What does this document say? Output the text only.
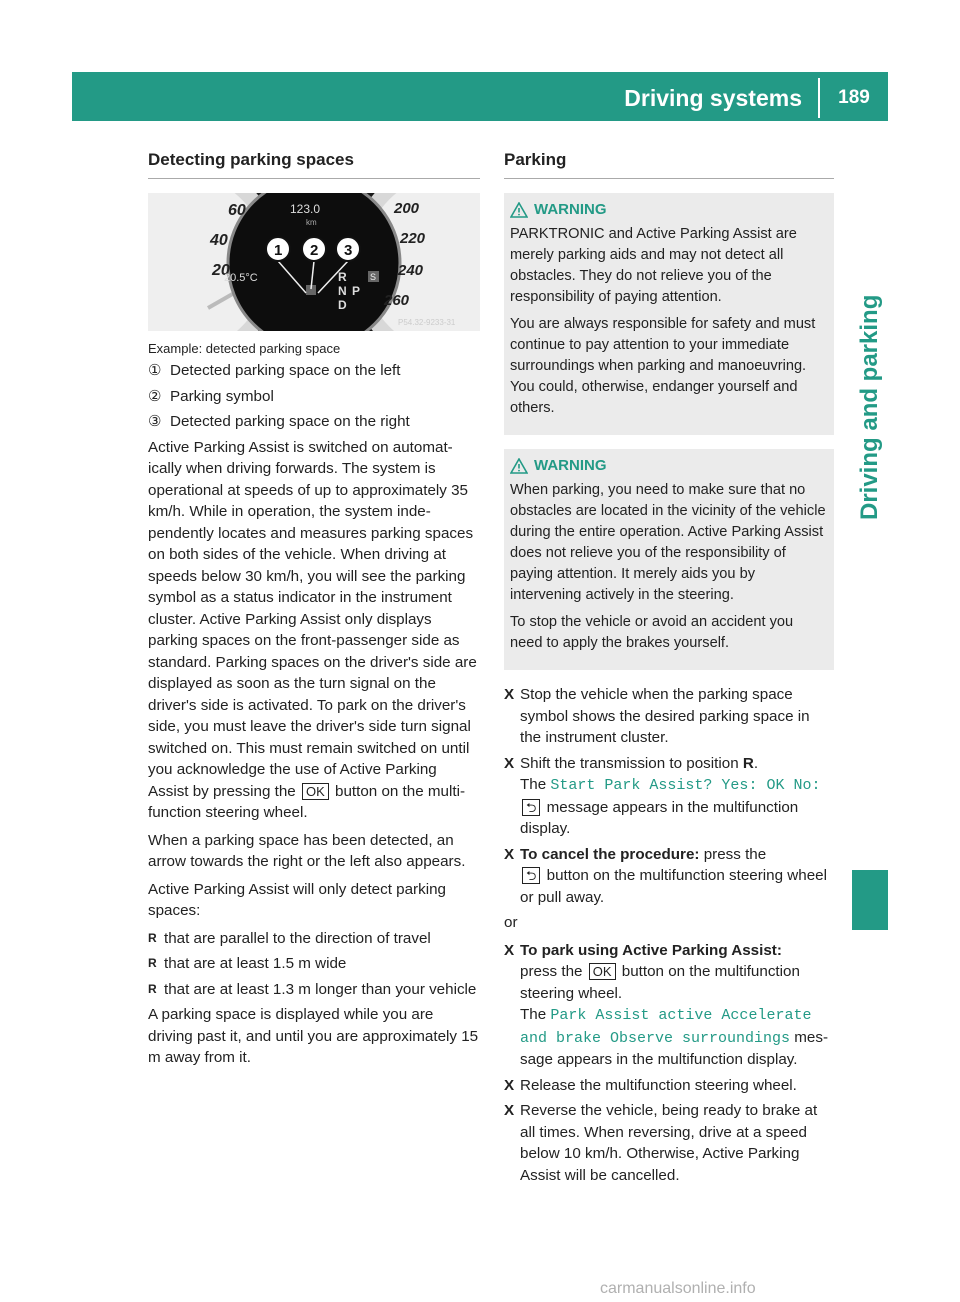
Driving systems	189
Driving and parking
Detecting parking spaces
60
40
20
200
220
240
260
123.0
km
20.5°C	R
N P
D
S
1 2 3
P54.32-9233-31
Example: detected parking space
① Detected parking space on the left
② Parking symbol
③ Detected parking space on the right

Active Parking Assist is switched on automatically when driving forwards. The system is operational at speeds of up to approximately 35 km/h. While in operation, the system independently locates and measures parking spaces on both sides of the vehicle. When driving at speeds below 30 km/h, you will see the parking symbol as a status indicator in the instrument cluster. Active Parking Assist only displays parking spaces on the front-passenger side as standard. Parking spaces on the driver's side are displayed as soon as the turn signal on the driver's side is activated. To park on the driver's side, you must leave the driver's side turn signal switched on. This must remain switched on until you acknowledge the use of Active Parking Assist by pressing the OK button on the multifunction steering wheel.

When a parking space has been detected, an arrow towards the right or the left also appears.

Active Parking Assist will only detect parking spaces:

R that are parallel to the direction of travel
R that are at least 1.5 m wide
R that are at least 1.3 m longer than your vehicle

A parking space is displayed while you are driving past it, and until you are approximately 15 m away from it.

Parking
WARNING

PARKTRONIC and Active Parking Assist are merely parking aids and may not detect all obstacles. They do not relieve you of the responsibility of paying attention.

You are always responsible for safety and must continue to pay attention to your immediate surroundings when parking and manoeuvring. You could, otherwise, endanger yourself and others.

WARNING

When parking, you need to make sure that no obstacles are located in the vicinity of the vehicle during the entire operation. Active Parking Assist does not relieve you of the responsibility of paying attention. It merely aids you by intervening actively in the steering.

To stop the vehicle or avoid an accident you need to apply the brakes yourself.

X Stop the vehicle when the parking space symbol shows the desired parking space in the instrument cluster.
X Shift the transmission to position R.
The Start Park Assist? Yes: OK No:
⮌ message appears in the multifunction display.
X To cancel the procedure: press the
⮌ button on the multifunction steering wheel or pull away.

or

X To park using Active Parking Assist:
press the OK button on the multifunction steering wheel.
The Park Assist active Accelerate and brake Observe surroundings message appears in the multifunction display.
X Release the multifunction steering wheel.
X Reverse the vehicle, being ready to brake at all times. When reversing, drive at a speed below 10 km/h. Otherwise, Active Parking Assist will be cancelled.
carmanualsonline.info
